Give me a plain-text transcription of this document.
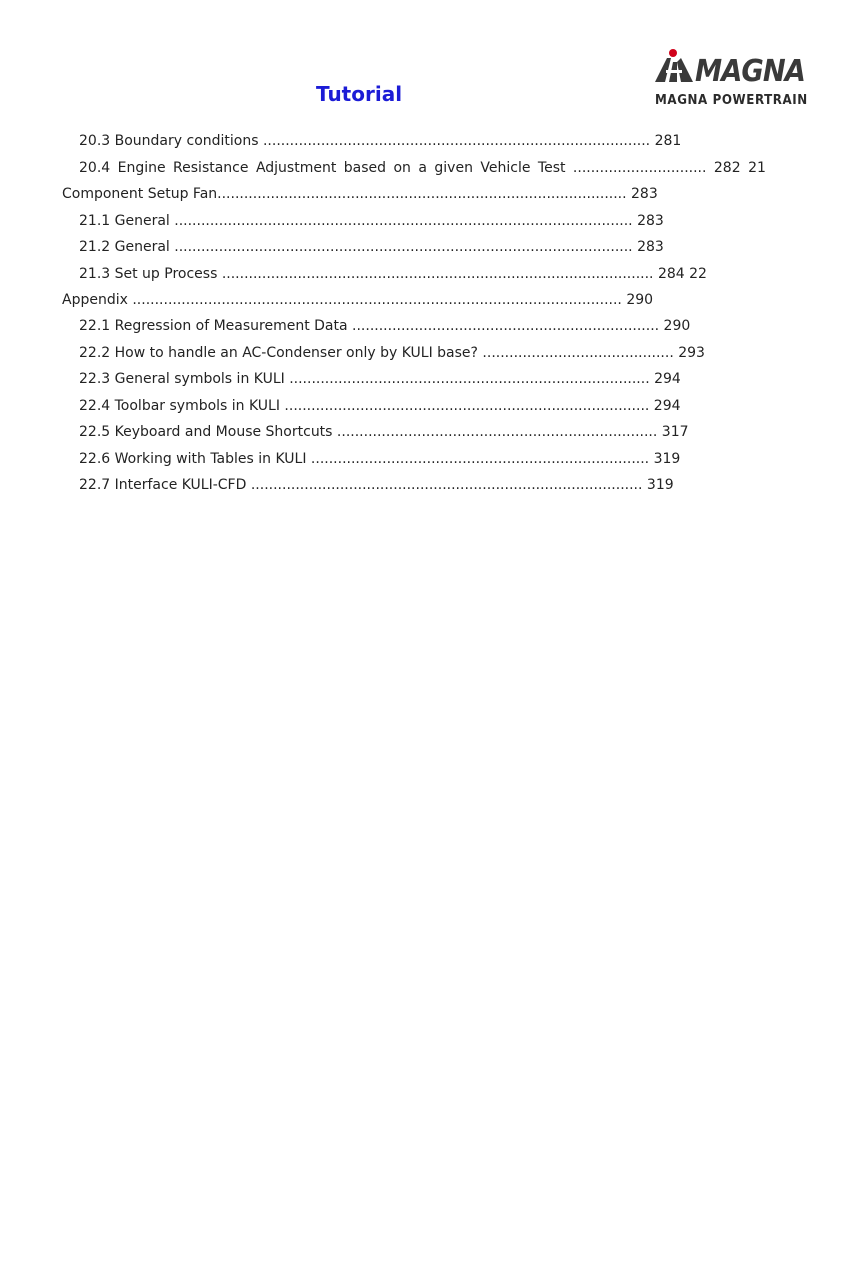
Tutorial
MAGNA
MAGNA POWERTRAIN
20.3 Boundary conditions ....................................................................................... 281
20.4 Engine Resistance Adjustment based on a given Vehicle Test .............................. 282 21
Component Setup Fan............................................................................................ 283
21.1 General ....................................................................................................... 283
21.2 General ....................................................................................................... 283
21.3 Set up Process ................................................................................................. 284 22
Appendix .............................................................................................................. 290
22.1 Regression of Measurement Data ..................................................................... 290
22.2 How to handle an AC-Condenser only by KULI base? ........................................... 293
22.3 General symbols in KULI ................................................................................. 294
22.4 Toolbar symbols in KULI .................................................................................. 294
22.5 Keyboard and Mouse Shortcuts ........................................................................ 317
22.6 Working with Tables in KULI ............................................................................ 319
22.7 Interface KULI-CFD ........................................................................................ 319
